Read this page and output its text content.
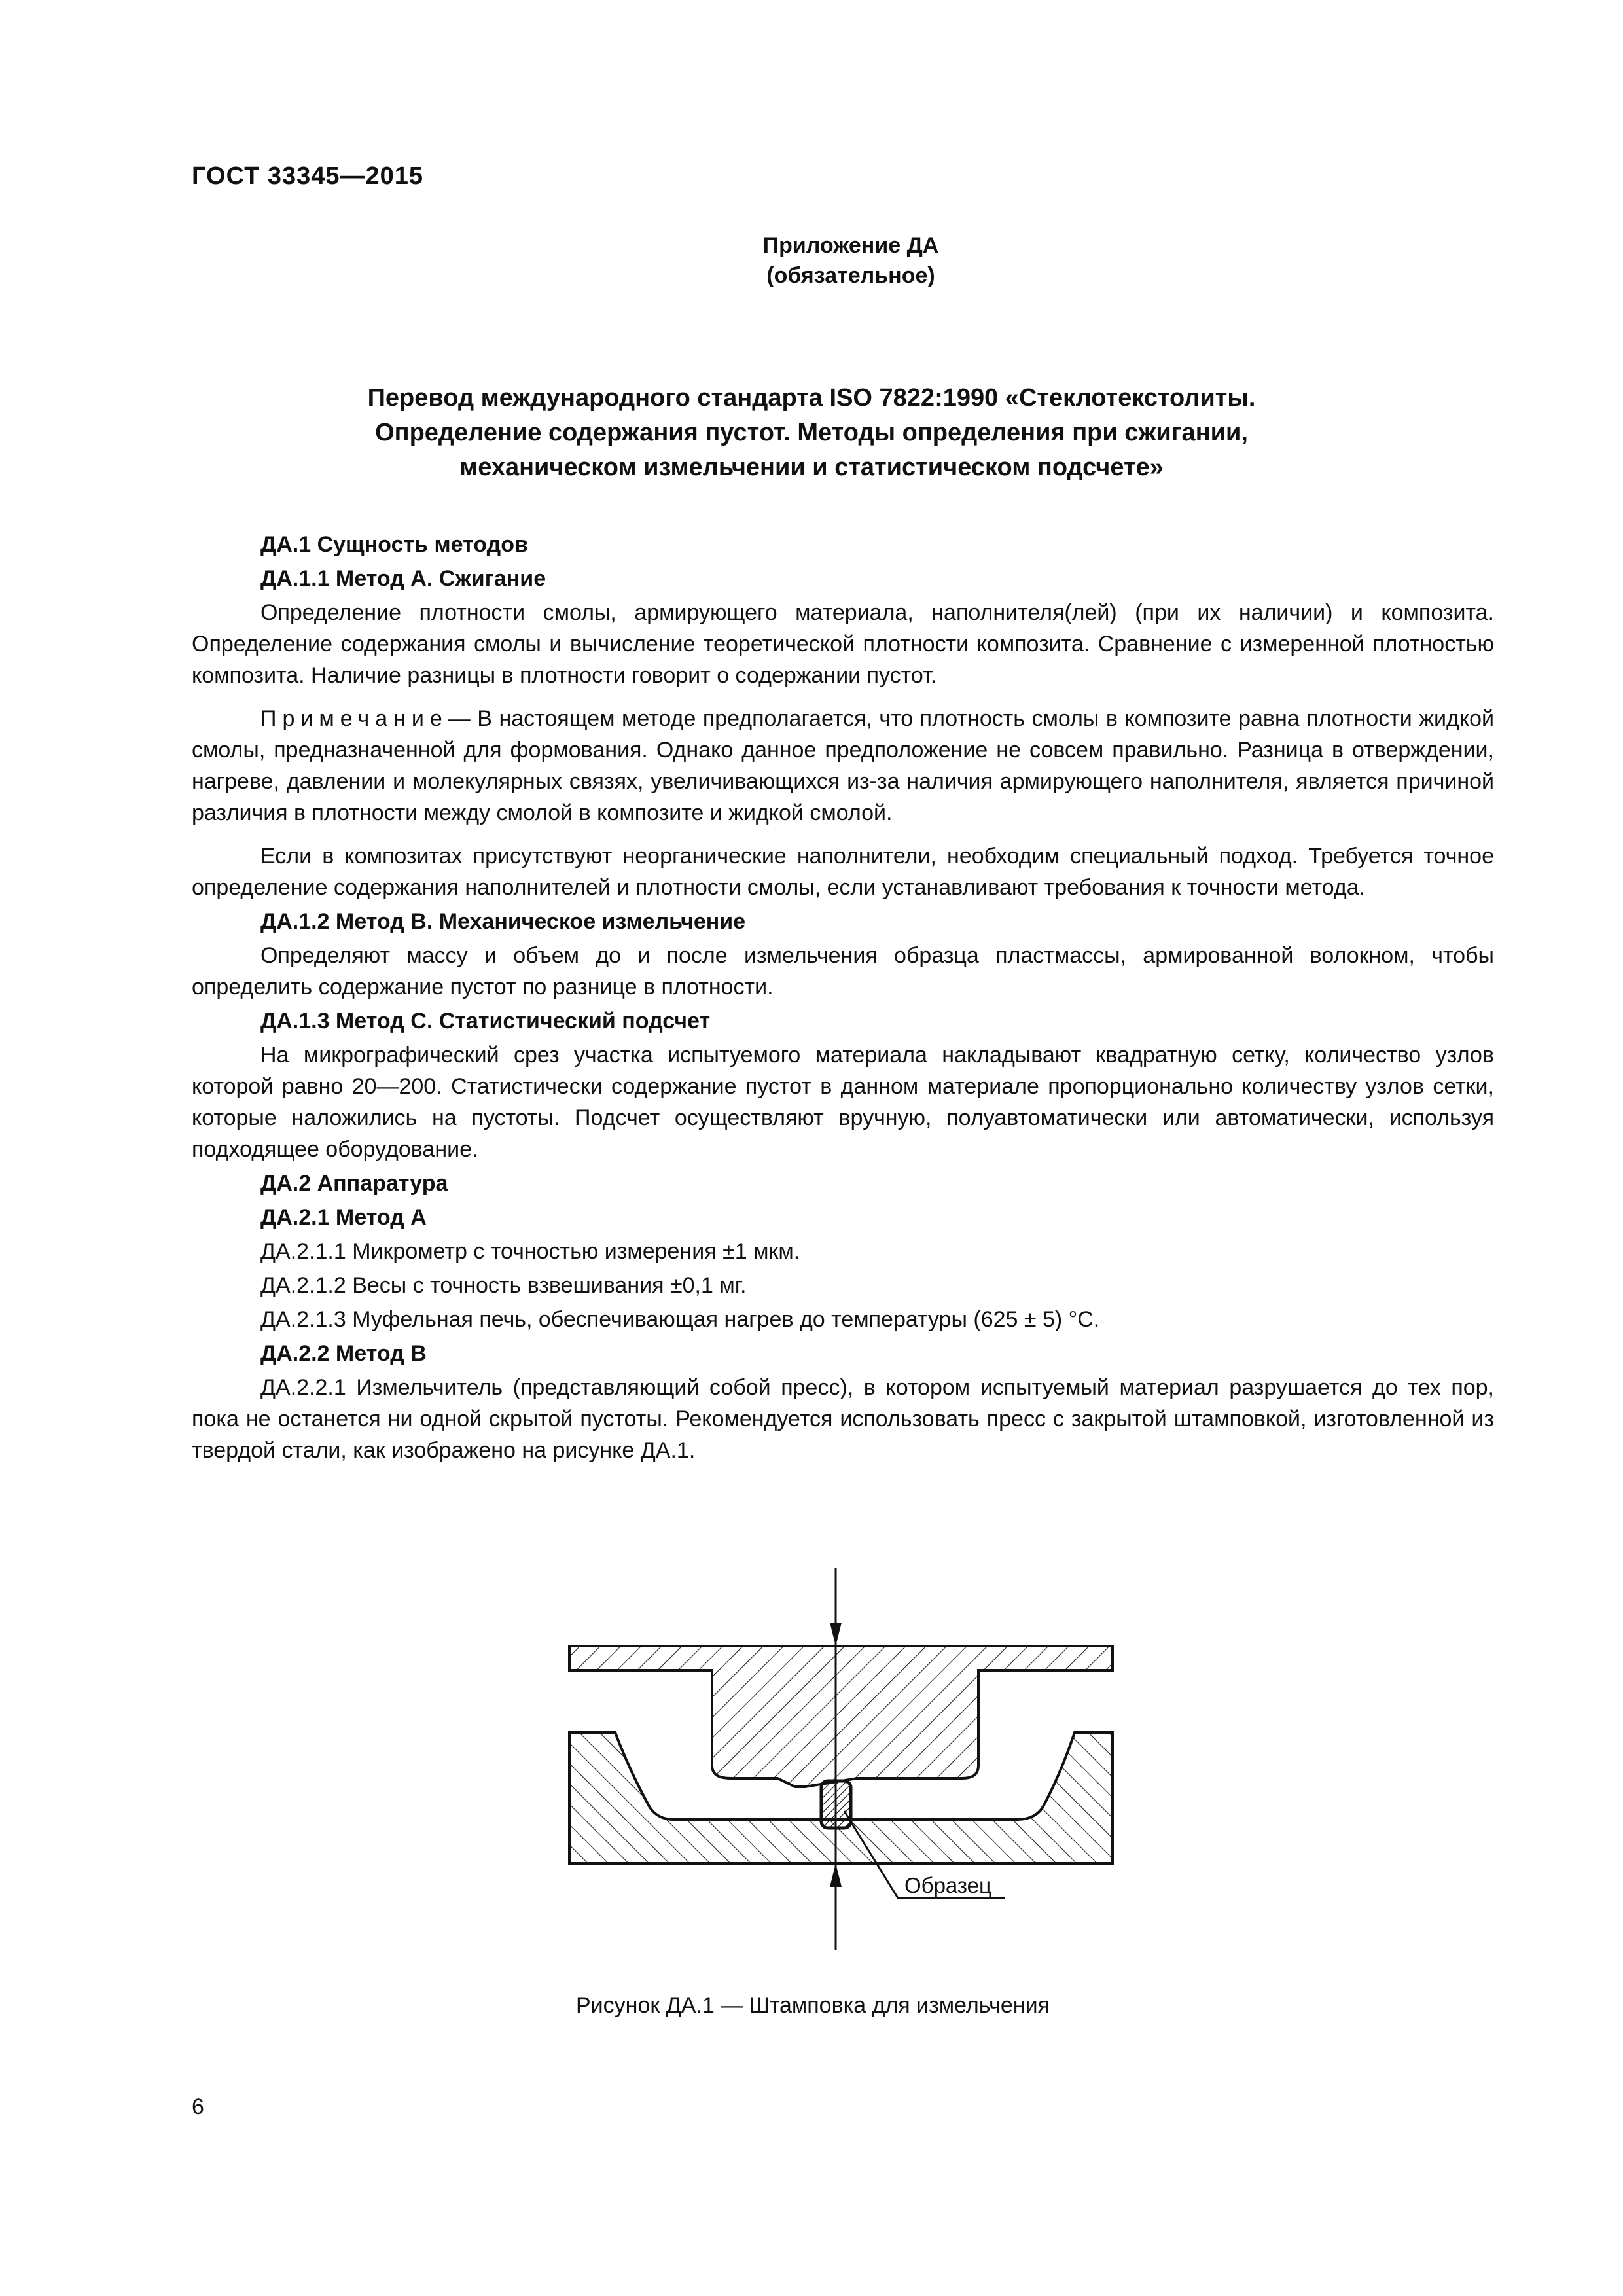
ГОСТ 33345—2015
Приложение ДА
(обязательное)
Перевод международного стандарта ISO 7822:1990 «Стеклотекстолиты.
Определение содержания пустот. Методы определения при сжигании,
механическом измельчении и статистическом подсчете»

ДА.1 Сущность методов

ДА.1.1 Метод А. Сжигание

Определение плотности смолы, армирующего материала, наполнителя(лей) (при их наличии) и композита. Определение содержания смолы и вычисление теоретической плотности композита. Сравнение с измеренной плотностью композита. Наличие разницы в плотности говорит о содержании пустот.

Примечание— В настоящем методе предполагается, что плотность смолы в композите равна плотности жидкой смолы, предназначенной для формования. Однако данное предположение не совсем правильно. Разница в отверждении, нагреве, давлении и молекулярных связях, увеличивающихся из-за наличия армирующего наполнителя, является причиной различия в плотности между смолой в композите и жидкой смолой.

Если в композитах присутствуют неорганические наполнители, необходим специальный подход. Требуется точное определение содержания наполнителей и плотности смолы, если устанавливают требования к точности метода.

ДА.1.2 Метод В. Механическое измельчение

Определяют массу и объем до и после измельчения образца пластмассы, армированной волокном, чтобы определить содержание пустот по разнице в плотности.

ДА.1.3 Метод С. Статистический подсчет

На микрографический срез участка испытуемого материала накладывают квадратную сетку, количество узлов которой равно 20—200. Статистически содержание пустот в данном материале пропорционально количеству узлов сетки, которые наложились на пустоты. Подсчет осуществляют вручную, полуавтоматически или автоматически, используя подходящее оборудование.

ДА.2 Аппаратура

ДА.2.1 Метод А

ДА.2.1.1 Микрометр с точностью измерения ±1 мкм.

ДА.2.1.2 Весы с точность взвешивания ±0,1 мг.

ДА.2.1.3 Муфельная печь, обеспечивающая нагрев до температуры (625 ± 5) °С.

ДА.2.2 Метод В

ДА.2.2.1 Измельчитель (представляющий собой пресс), в котором испытуемый материал разрушается до тех пор, пока не останется ни одной скрытой пустоты. Рекомендуется использовать пресс с закрытой штамповкой, изготовленной из твердой стали, как изображено на рисунке ДА.1.

Образец
Рисунок ДА.1 — Штамповка для измельчения
6
